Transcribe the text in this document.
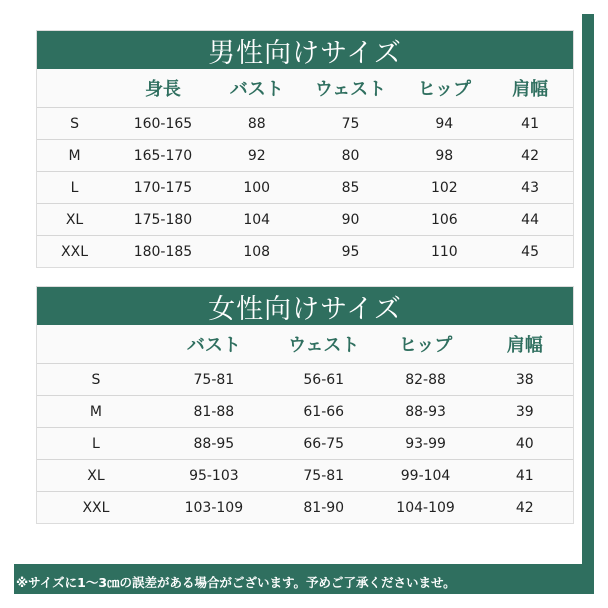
男性向けサイズ
	身長	バスト	ウェスト	ヒップ	肩幅
S	160-165	88	75	94	41
M	165-170	92	80	98	42
L	170-175	100	85	102	43
XL	175-180	104	90	106	44
XXL	180-185	108	95	110	45
女性向けサイズ
	バスト	ウェスト	ヒップ	肩幅
S	75-81	56-61	82-88	38
M	81-88	61-66	88-93	39
L	88-95	66-75	93-99	40
XL	95-103	75-81	99-104	41
XXL	103-109	81-90	104-109	42
※サイズに1～3㎝の誤差がある場合がございます。予めご了承くださいませ。
